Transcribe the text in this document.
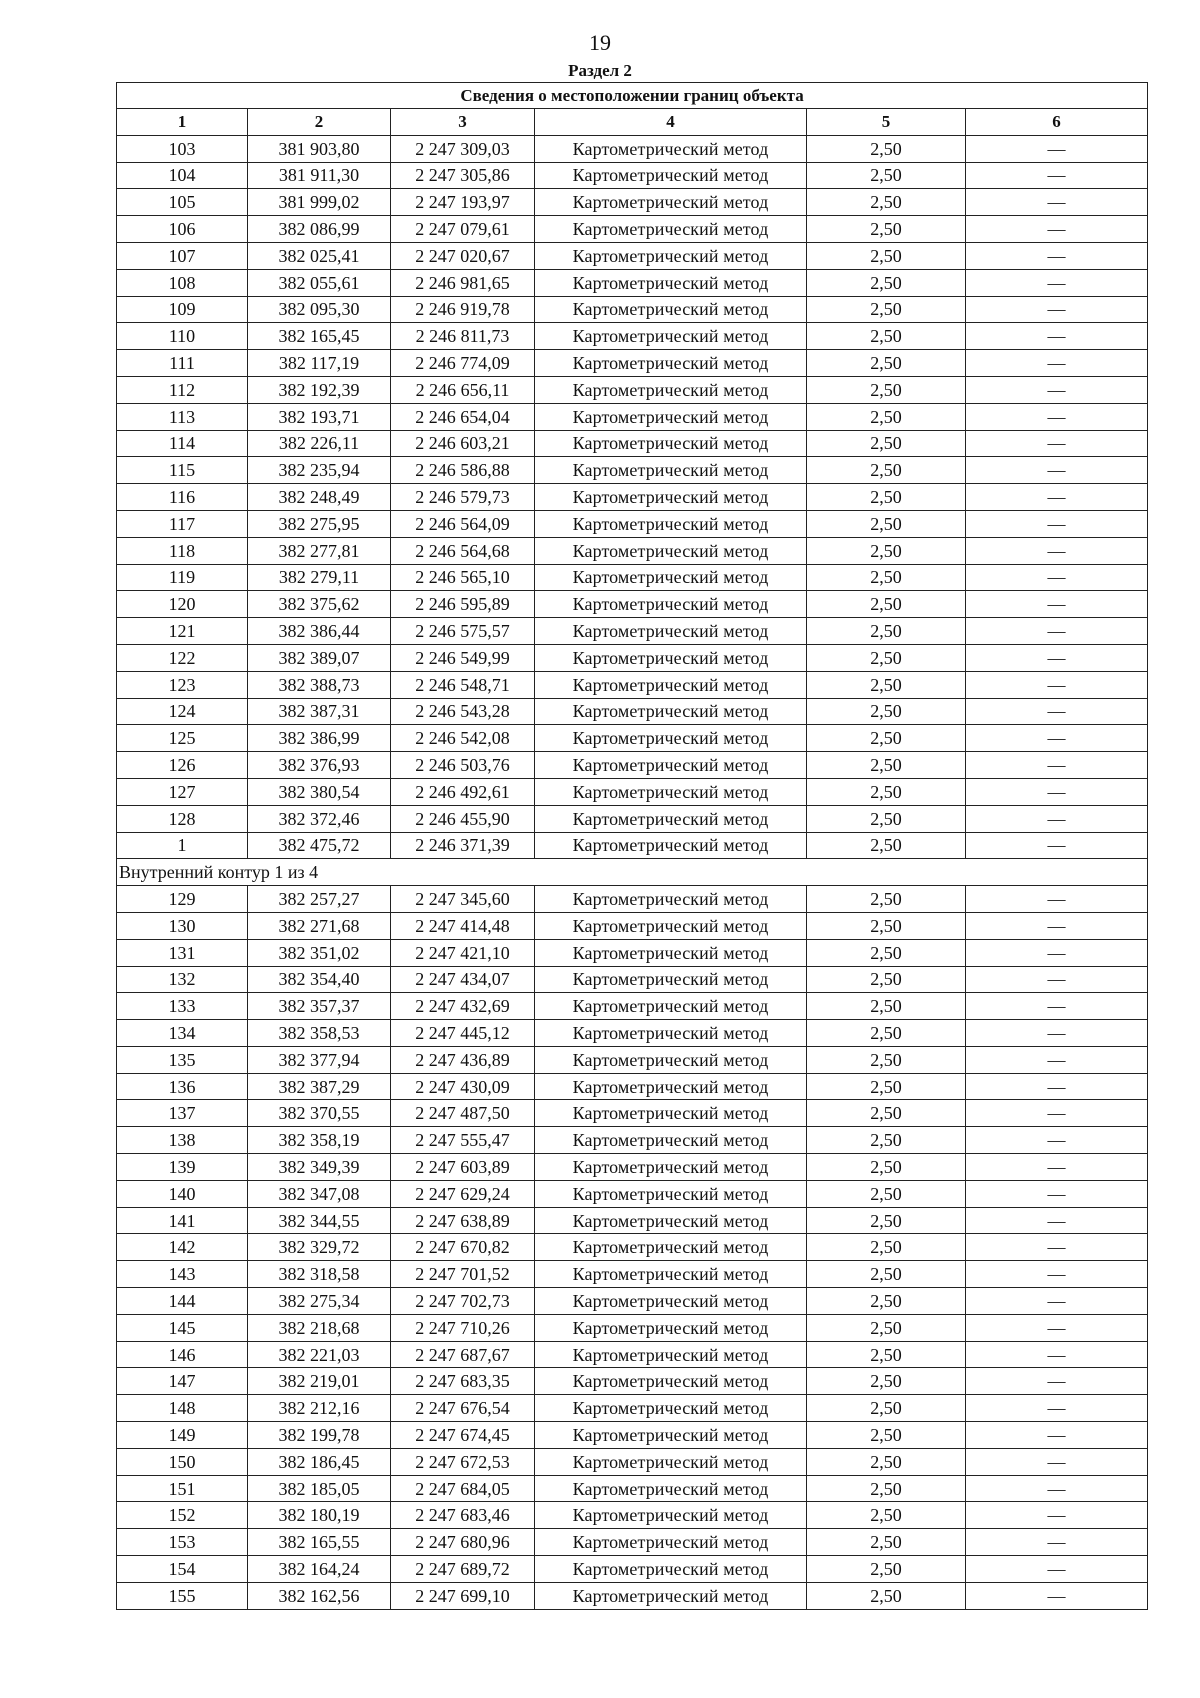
19
Раздел 2
Сведения о местоположении границ объекта					
1	2	3	4	5	6
103	381 903,80	2 247 309,03	Картометрический метод	2,50	—
104	381 911,30	2 247 305,86	Картометрический метод	2,50	—
105	381 999,02	2 247 193,97	Картометрический метод	2,50	—
106	382 086,99	2 247 079,61	Картометрический метод	2,50	—
107	382 025,41	2 247 020,67	Картометрический метод	2,50	—
108	382 055,61	2 246 981,65	Картометрический метод	2,50	—
109	382 095,30	2 246 919,78	Картометрический метод	2,50	—
110	382 165,45	2 246 811,73	Картометрический метод	2,50	—
111	382 117,19	2 246 774,09	Картометрический метод	2,50	—
112	382 192,39	2 246 656,11	Картометрический метод	2,50	—
113	382 193,71	2 246 654,04	Картометрический метод	2,50	—
114	382 226,11	2 246 603,21	Картометрический метод	2,50	—
115	382 235,94	2 246 586,88	Картометрический метод	2,50	—
116	382 248,49	2 246 579,73	Картометрический метод	2,50	—
117	382 275,95	2 246 564,09	Картометрический метод	2,50	—
118	382 277,81	2 246 564,68	Картометрический метод	2,50	—
119	382 279,11	2 246 565,10	Картометрический метод	2,50	—
120	382 375,62	2 246 595,89	Картометрический метод	2,50	—
121	382 386,44	2 246 575,57	Картометрический метод	2,50	—
122	382 389,07	2 246 549,99	Картометрический метод	2,50	—
123	382 388,73	2 246 548,71	Картометрический метод	2,50	—
124	382 387,31	2 246 543,28	Картометрический метод	2,50	—
125	382 386,99	2 246 542,08	Картометрический метод	2,50	—
126	382 376,93	2 246 503,76	Картометрический метод	2,50	—
127	382 380,54	2 246 492,61	Картометрический метод	2,50	—
128	382 372,46	2 246 455,90	Картометрический метод	2,50	—
1	382 475,72	2 246 371,39	Картометрический метод	2,50	—
Внутренний контур 1 из 4					
129	382 257,27	2 247 345,60	Картометрический метод	2,50	—
130	382 271,68	2 247 414,48	Картометрический метод	2,50	—
131	382 351,02	2 247 421,10	Картометрический метод	2,50	—
132	382 354,40	2 247 434,07	Картометрический метод	2,50	—
133	382 357,37	2 247 432,69	Картометрический метод	2,50	—
134	382 358,53	2 247 445,12	Картометрический метод	2,50	—
135	382 377,94	2 247 436,89	Картометрический метод	2,50	—
136	382 387,29	2 247 430,09	Картометрический метод	2,50	—
137	382 370,55	2 247 487,50	Картометрический метод	2,50	—
138	382 358,19	2 247 555,47	Картометрический метод	2,50	—
139	382 349,39	2 247 603,89	Картометрический метод	2,50	—
140	382 347,08	2 247 629,24	Картометрический метод	2,50	—
141	382 344,55	2 247 638,89	Картометрический метод	2,50	—
142	382 329,72	2 247 670,82	Картометрический метод	2,50	—
143	382 318,58	2 247 701,52	Картометрический метод	2,50	—
144	382 275,34	2 247 702,73	Картометрический метод	2,50	—
145	382 218,68	2 247 710,26	Картометрический метод	2,50	—
146	382 221,03	2 247 687,67	Картометрический метод	2,50	—
147	382 219,01	2 247 683,35	Картометрический метод	2,50	—
148	382 212,16	2 247 676,54	Картометрический метод	2,50	—
149	382 199,78	2 247 674,45	Картометрический метод	2,50	—
150	382 186,45	2 247 672,53	Картометрический метод	2,50	—
151	382 185,05	2 247 684,05	Картометрический метод	2,50	—
152	382 180,19	2 247 683,46	Картометрический метод	2,50	—
153	382 165,55	2 247 680,96	Картометрический метод	2,50	—
154	382 164,24	2 247 689,72	Картометрический метод	2,50	—
155	382 162,56	2 247 699,10	Картометрический метод	2,50	—
